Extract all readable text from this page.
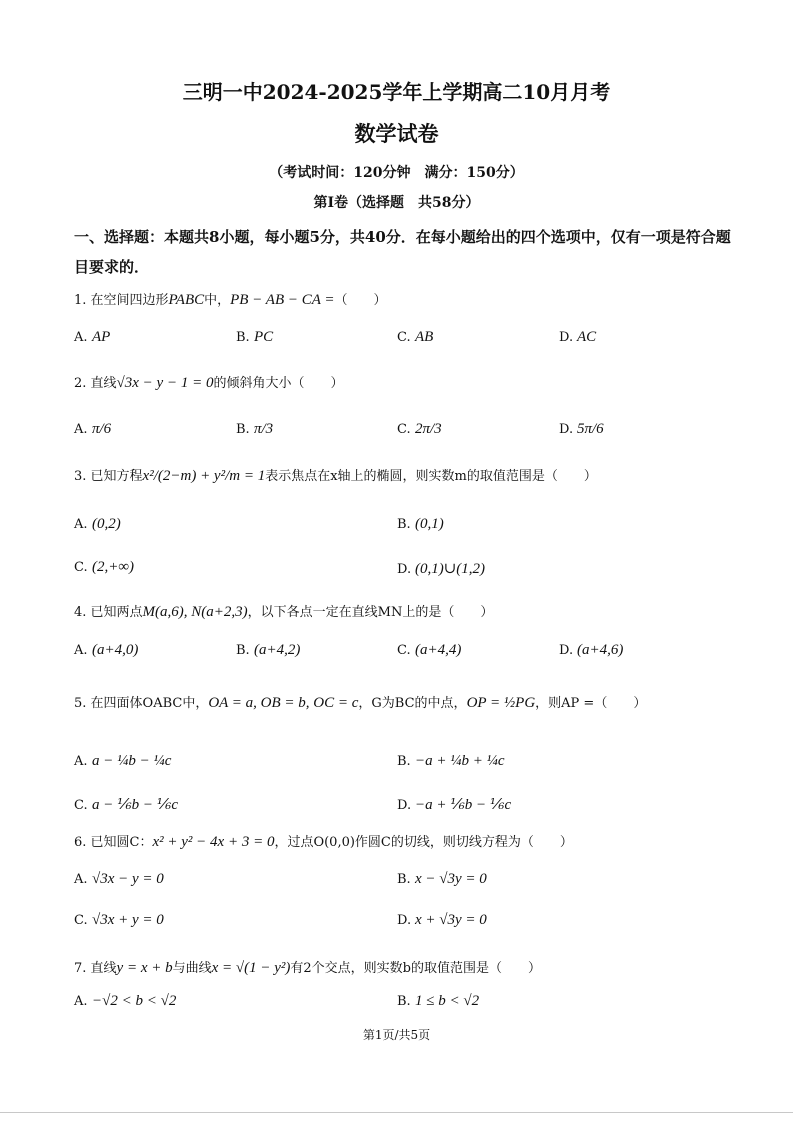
三明一中2024-2025学年上学期高二10月月考
数学试卷
（考试时间：120分钟　满分：150分）
第Ⅰ卷（选择题　共58分）
一、选择题：本题共8小题，每小题5分，共40分．在每小题给出的四个选项中，仅有一项是符合题目要求的．
1. 在空间四边形PABC中，PB − AB − CA =（　　）
A. AP	B. PC	C. AB	D. AC
2. 直线√3x − y − 1 = 0的倾斜角大小（　　）
A. π/6	B. π/3	C. 2π/3	D. 5π/6
3. 已知方程x²/(2−m) + y²/m = 1表示焦点在x轴上的椭圆，则实数m的取值范围是（　　）
A. (0,2)	B. (0,1)
C. (2,+∞)	D. (0,1)∪(1,2)
4. 已知两点M(a,6), N(a+2,3)，以下各点一定在直线MN上的是（　　）
A. (a+4,0)	B. (a+4,2)	C. (a+4,4)	D. (a+4,6)
5. 在四面体OABC中，OA = a, OB = b, OC = c，G为BC的中点，OP = ½PG，则AP =（　　）
A. a − ¼b − ¼c	B. −a + ¼b + ¼c
C. a − ⅙b − ⅙c	D. −a + ⅙b − ⅙c
6. 已知圆C：x² + y² − 4x + 3 = 0，过点O(0,0)作圆C的切线，则切线方程为（　　）
A. √3x − y = 0	B. x − √3y = 0
C. √3x + y = 0	D. x + √3y = 0
7. 直线y = x + b与曲线x = √(1 − y²)有2个交点，则实数b的取值范围是（　　）
A. −√2 < b < √2	B. 1 ≤ b < √2
第1页/共5页
